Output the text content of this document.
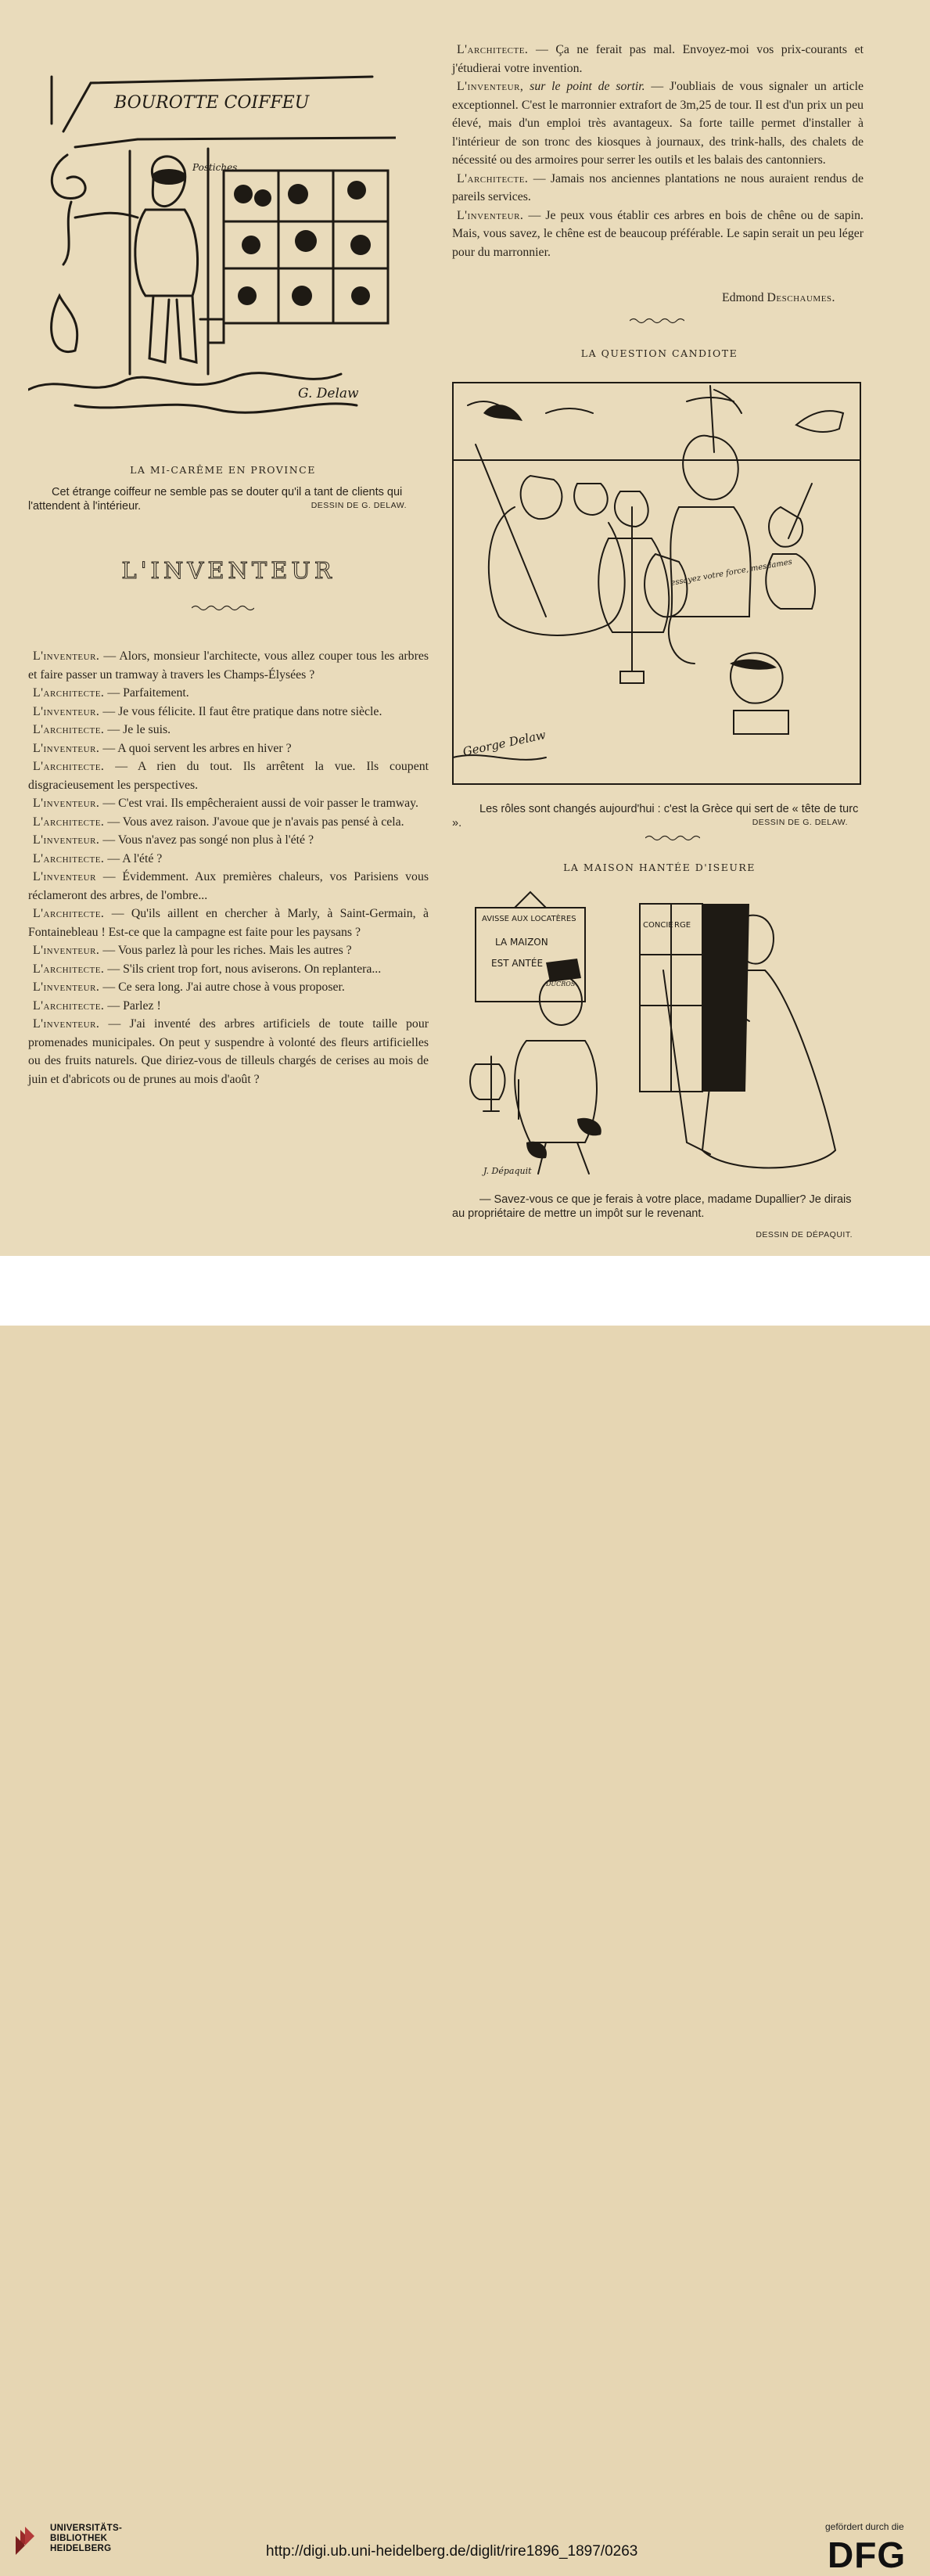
BOUROTTE COIFFEU
Postiches
G. Delaw
LA MI-CARÊME EN PROVINCE
Cet étrange coiffeur ne semble pas se douter qu'il a tant de clients qui l'attendent à l'intérieur.	DESSIN DE G. DELAW.
L'INVENTEUR

L'inventeur. — Alors, monsieur l'architecte, vous allez couper tous les arbres et faire passer un tramway à travers les Champs-Élysées ?

L'architecte. — Parfaitement.

L'inventeur. — Je vous félicite. Il faut être pratique dans notre siècle.

L'architecte. — Je le suis.

L'inventeur. — A quoi servent les arbres en hiver ?

L'architecte. — A rien du tout. Ils arrêtent la vue. Ils coupent disgracieusement les perspectives.

L'inventeur. — C'est vrai. Ils empêcheraient aussi de voir passer le tramway.

L'architecte. — Vous avez raison. J'avoue que je n'avais pas pensé à cela.

L'inventeur. — Vous n'avez pas songé non plus à l'été ?

L'architecte. — A l'été ?

L'inventeur — Évidemment. Aux premières chaleurs, vos Parisiens vous réclameront des arbres, de l'ombre...

L'architecte. — Qu'ils aillent en chercher à Marly, à Saint-Germain, à Fontainebleau ! Est-ce que la campagne est faite pour les paysans ?

L'inventeur. — Vous parlez là pour les riches. Mais les autres ?

L'architecte. — S'ils crient trop fort, nous aviserons. On replantera...

L'inventeur. — Ce sera long. J'ai autre chose à vous proposer.

L'architecte. — Parlez !

L'inventeur. — J'ai inventé des arbres artificiels de toute taille pour promenades municipales. On peut y suspendre à volonté des fleurs artificielles ou des fruits naturels. Que diriez-vous de tilleuls chargés de cerises au mois de juin et d'abricots ou de prunes au mois d'août ?

L'architecte. — Ça ne ferait pas mal. Envoyez-moi vos prix-courants et j'étudierai votre invention.

L'inventeur, sur le point de sortir. — J'oubliais de vous signaler un article exceptionnel. C'est le marronnier extrafort de 3m,25 de tour. Il est d'un prix un peu élevé, mais d'un emploi très avantageux. Sa forte taille permet d'installer à l'intérieur de son tronc des kiosques à journaux, des trink-halls, des chalets de nécessité ou des armoires pour serrer les outils et les balais des cantonniers.

L'architecte. — Jamais nos anciennes plantations ne nous auraient rendus de pareils services.

L'inventeur. — Je peux vous établir ces arbres en bois de chêne ou de sapin. Mais, vous savez, le chêne est de beaucoup préférable. Le sapin serait un peu léger pour du marronnier.

Edmond Deschaumes.
LA QUESTION CANDIOTE
essayez votre force, mesdames
George Delaw
Les rôles sont changés aujourd'hui : c'est la Grèce qui sert de « tête de turc ».	DESSIN DE G. DELAW.
LA MAISON HANTÉE D'ISEURE
AVISSE AUX LOCATÈRES
LA MAIZON
EST ANTÉE
DUCROS
CONCIE RGE
J. Dépaquit
— Savez-vous ce que je ferais à votre place, madame Dupallier? Je dirais au propriétaire de mettre un impôt sur le revenant.
DESSIN DE DÉPAQUIT.
UNIVERSITÄTS-
BIBLIOTHEK
HEIDELBERG	http://digi.ub.uni-heidelberg.de/diglit/rire1896_1897/0263
gefördert durch die
DFG
